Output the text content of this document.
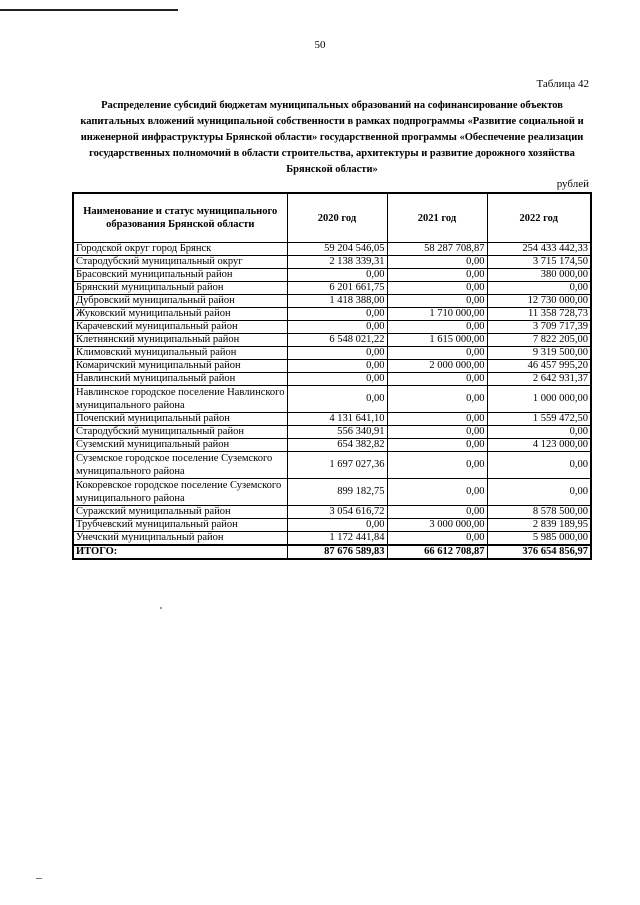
50
Таблица 42
Распределение субсидий бюджетам муниципальных образований на софинансирование объектов капитальных вложений муниципальной собственности в рамках подпрограммы «Развитие социальной и инженерной инфраструктуры Брянской области» государственной программы «Обеспечение реализации государственных полномочий в области строительства, архитектуры и развитие дорожного хозяйства Брянской области»
рублей
Наименование и статус муниципального образования Брянской области	2020 год	2021 год	2022 год
Городской округ город Брянск	59 204 546,05	58 287 708,87	254 433 442,33
Стародубский муниципальный округ	2 138 339,31	0,00	3 715 174,50
Брасовский муниципальный район	0,00	0,00	380 000,00
Брянский муниципальный район	6 201 661,75	0,00	0,00
Дубровский муниципальный район	1 418 388,00	0,00	12 730 000,00
Жуковский муниципальный район	0,00	1 710 000,00	11 358 728,73
Карачевский муниципальный район	0,00	0,00	3 709 717,39
Клетнянский муниципальный район	6 548 021,22	1 615 000,00	7 822 205,00
Климовский муниципальный район	0,00	0,00	9 319 500,00
Комаричский муниципальный район	0,00	2 000 000,00	46 457 995,20
Навлинский муниципальный район	0,00	0,00	2 642 931,37
Навлинское городское поселение Навлинского муниципального района	0,00	0,00	1 000 000,00
Почепский муниципальный район	4 131 641,10	0,00	1 559 472,50
Стародубский муниципальный район	556 340,91	0,00	0,00
Суземский муниципальный район	654 382,82	0,00	4 123 000,00
Суземское городское поселение Суземского муниципального района	1 697 027,36	0,00	0,00
Кокоревское городское поселение Суземского муниципального района	899 182,75	0,00	0,00
Суражский муниципальный район	3 054 616,72	0,00	8 578 500,00
Трубчевский муниципальный район	0,00	3 000 000,00	2 839 189,95
Унечский муниципальный район	1 172 441,84	0,00	5 985 000,00
ИТОГО:	87 676 589,83	66 612 708,87	376 654 856,97
